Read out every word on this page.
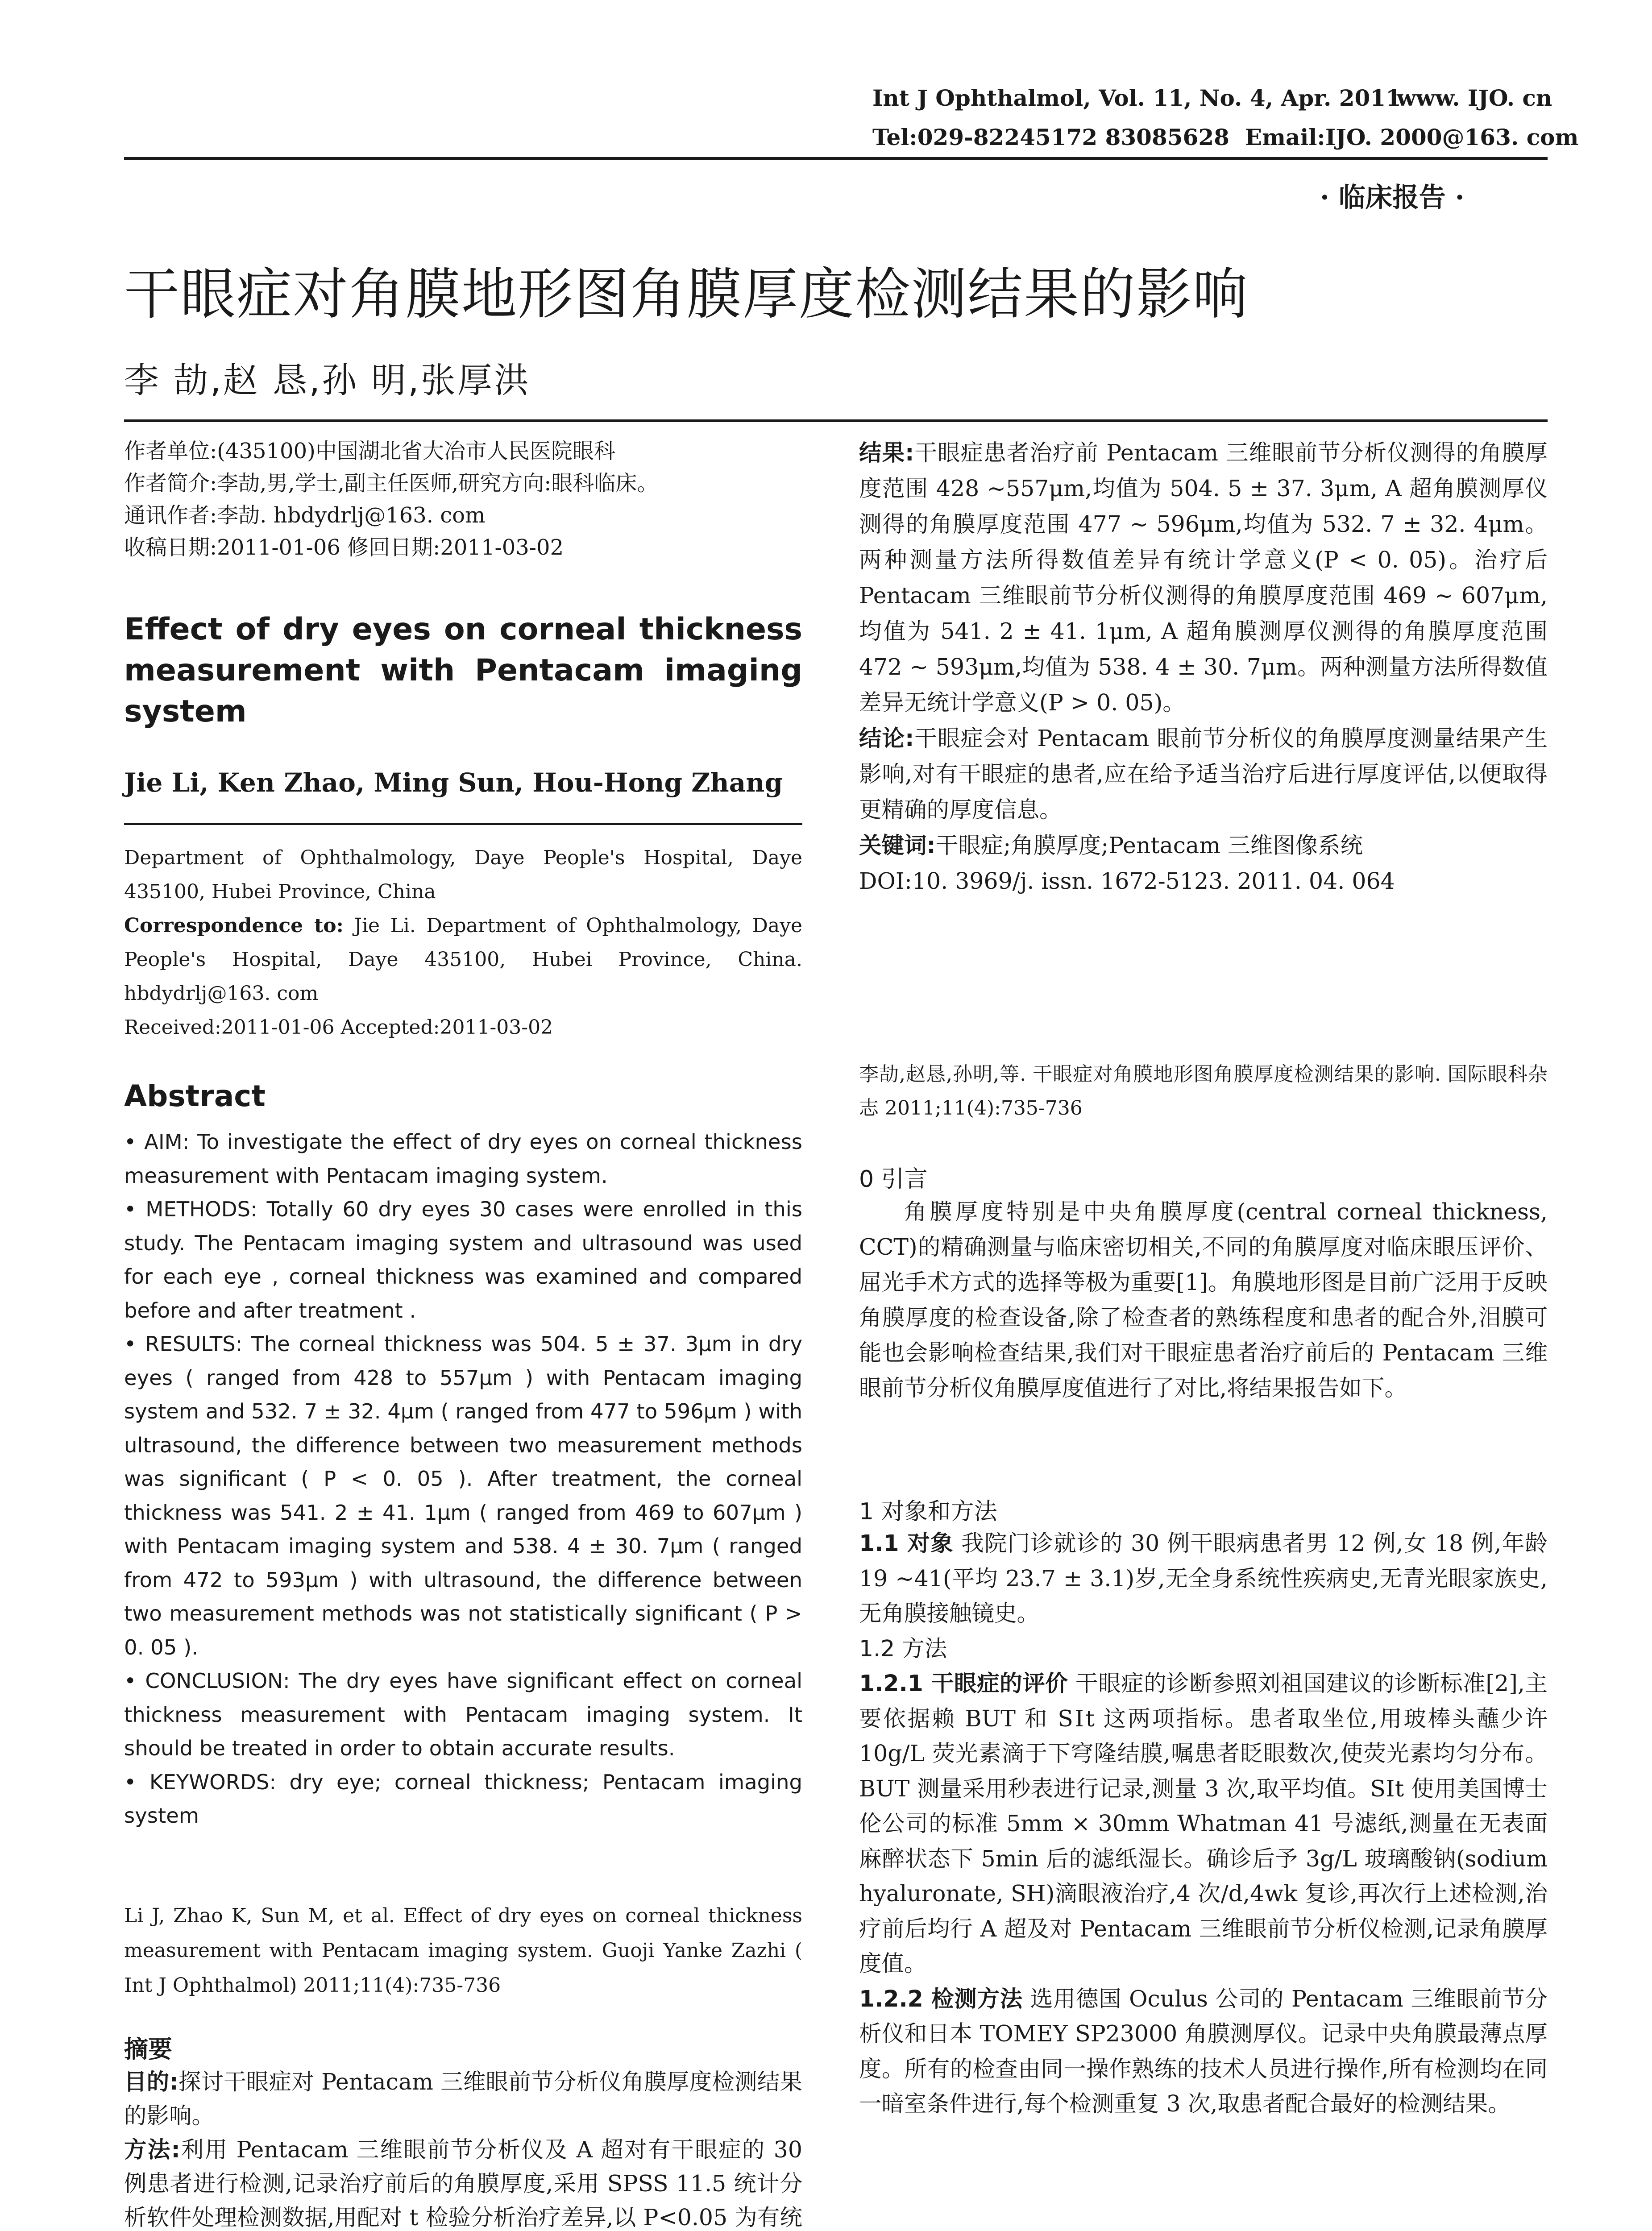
Int J Ophthalmol, Vol. 11, No. 4, Apr. 2011
www. IJO. cn
Tel:029-82245172 83085628 Email:IJO. 2000@163. com
· 临床报告 ·
干眼症对角膜地形图角膜厚度检测结果的影响
李 劼,赵 恳,孙 明,张厚洪
作者单位:(435100)中国湖北省大冶市人民医院眼科
作者简介:李劼,男,学士,副主任医师,研究方向:眼科临床。
通讯作者:李劼. hbdydrlj@163. com
收稿日期:2011-01-06 修回日期:2011-03-02
Effect of dry eyes on corneal thickness measurement with Pentacam imaging system
Jie Li, Ken Zhao, Ming Sun, Hou-Hong Zhang
Department of Ophthalmology, Daye People's Hospital, Daye 435100, Hubei Province, China
Correspondence to: Jie Li. Department of Ophthalmology, Daye People's Hospital, Daye 435100, Hubei Province, China. hbdydrlj@163. com
Received:2011-01-06 Accepted:2011-03-02
Abstract
• AIM: To investigate the effect of dry eyes on corneal thickness measurement with Pentacam imaging system.
• METHODS: Totally 60 dry eyes 30 cases were enrolled in this study. The Pentacam imaging system and ultrasound was used for each eye , corneal thickness was examined and compared before and after treatment .
• RESULTS: The corneal thickness was 504. 5 ± 37. 3μm in dry eyes ( ranged from 428 to 557μm ) with Pentacam imaging system and 532. 7 ± 32. 4μm ( ranged from 477 to 596μm ) with ultrasound, the difference between two measurement methods was significant ( P < 0. 05 ). After treatment, the corneal thickness was 541. 2 ± 41. 1μm ( ranged from 469 to 607μm ) with Pentacam imaging system and 538. 4 ± 30. 7μm ( ranged from 472 to 593μm ) with ultrasound, the difference between two measurement methods was not statistically significant ( P > 0. 05 ).
• CONCLUSION: The dry eyes have significant effect on corneal thickness measurement with Pentacam imaging system. It should be treated in order to obtain accurate results.
• KEYWORDS: dry eye; corneal thickness; Pentacam imaging system
Li J, Zhao K, Sun M, et al. Effect of dry eyes on corneal thickness measurement with Pentacam imaging system. Guoji Yanke Zazhi ( Int J Ophthalmol) 2011;11(4):735-736
摘要
目的:探讨干眼症对 Pentacam 三维眼前节分析仪角膜厚度检测结果的影响。
方法:利用 Pentacam 三维眼前节分析仪及 A 超对有干眼症的 30 例患者进行检测,记录治疗前后的角膜厚度,采用 SPSS 11.5 统计分析软件处理检测数据,用配对 t 检验分析治疗差异,以 P<0.05 为有统
结果:干眼症患者治疗前 Pentacam 三维眼前节分析仪测得的角膜厚度范围 428 ~557μm,均值为 504. 5 ± 37. 3μm, A 超角膜测厚仪测得的角膜厚度范围 477 ~ 596μm,均值为 532. 7 ± 32. 4μm。两种测量方法所得数值差异有统计学意义(P < 0. 05)。治疗后 Pentacam 三维眼前节分析仪测得的角膜厚度范围 469 ~ 607μm, 均值为 541. 2 ± 41. 1μm, A 超角膜测厚仪测得的角膜厚度范围 472 ~ 593μm,均值为 538. 4 ± 30. 7μm。两种测量方法所得数值差异无统计学意义(P > 0. 05)。
结论:干眼症会对 Pentacam 眼前节分析仪的角膜厚度测量结果产生影响,对有干眼症的患者,应在给予适当治疗后进行厚度评估,以便取得更精确的厚度信息。
关键词:干眼症;角膜厚度;Pentacam 三维图像系统
DOI:10. 3969/j. issn. 1672-5123. 2011. 04. 064
李劼,赵恳,孙明,等. 干眼症对角膜地形图角膜厚度检测结果的影响. 国际眼科杂志 2011;11(4):735-736
0 引言
角膜厚度特别是中央角膜厚度(central corneal thickness, CCT)的精确测量与临床密切相关,不同的角膜厚度对临床眼压评价、屈光手术方式的选择等极为重要[1]。角膜地形图是目前广泛用于反映角膜厚度的检查设备,除了检查者的熟练程度和患者的配合外,泪膜可能也会影响检查结果,我们对干眼症患者治疗前后的 Pentacam 三维眼前节分析仪角膜厚度值进行了对比,将结果报告如下。
1 对象和方法
1.1 对象 我院门诊就诊的 30 例干眼病患者男 12 例,女 18 例,年龄 19 ~41(平均 23.7 ± 3.1)岁,无全身系统性疾病史,无青光眼家族史,无角膜接触镜史。
1.2 方法
1.2.1 干眼症的评价 干眼症的诊断参照刘祖国建议的诊断标准[2],主要依据赖 BUT 和 SⅠt 这两项指标。患者取坐位,用玻棒头蘸少许 10g/L 荧光素滴于下穹隆结膜,嘱患者眨眼数次,使荧光素均匀分布。BUT 测量采用秒表进行记录,测量 3 次,取平均值。SⅠt 使用美国博士伦公司的标准 5mm × 30mm Whatman 41 号滤纸,测量在无表面麻醉状态下 5min 后的滤纸湿长。确诊后予 3g/L 玻璃酸钠(sodium hyaluronate, SH)滴眼液治疗,4 次/d,4wk 复诊,再次行上述检测,治疗前后均行 A 超及对 Pentacam 三维眼前节分析仪检测,记录角膜厚度值。
1.2.2 检测方法 选用德国 Oculus 公司的 Pentacam 三维眼前节分析仪和日本 TOMEY SP23000 角膜测厚仪。记录中央角膜最薄点厚度。所有的检查由同一操作熟练的技术人员进行操作,所有检测均在同一暗室条件进行,每个检测重复 3 次,取患者配合最好的检测结果。
